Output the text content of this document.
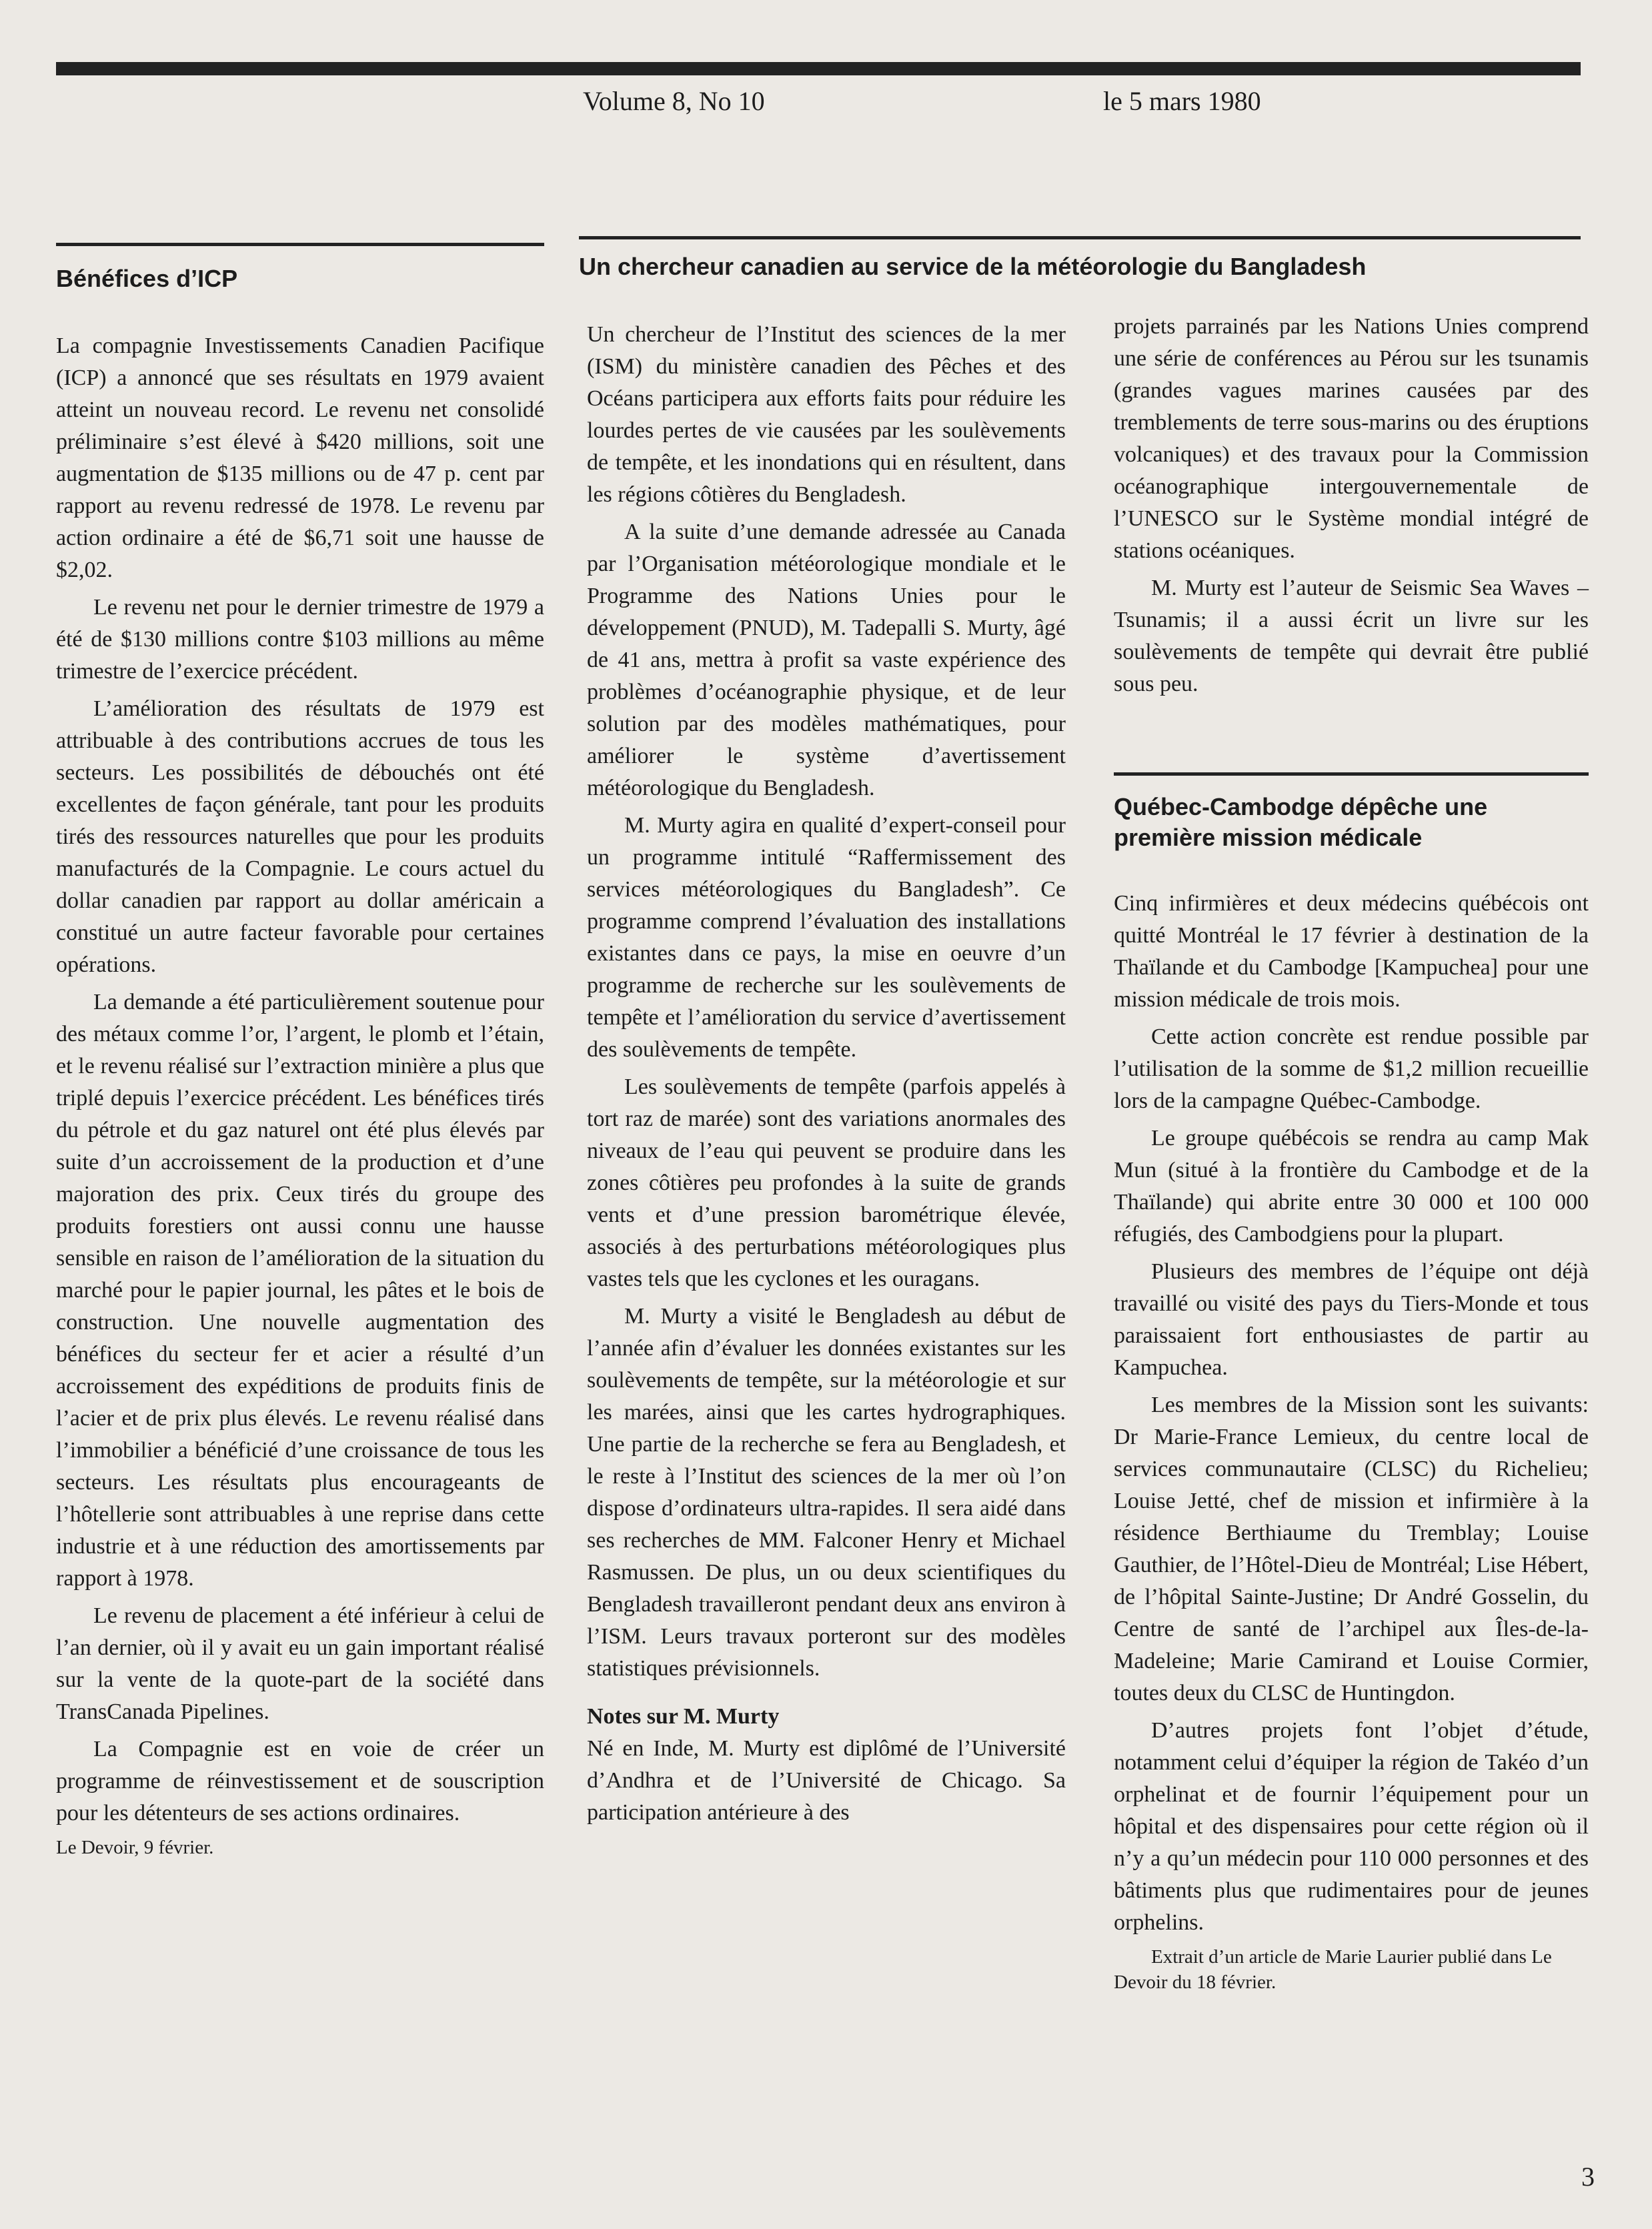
Volume 8, No 10	le 5 mars 1980
Bénéfices d’ICP

La compagnie Investissements Canadien Pacifique (ICP) a annoncé que ses résultats en 1979 avaient atteint un nouveau record. Le revenu net consolidé préliminaire s’est élevé à $420 millions, soit une augmentation de $135 millions ou de 47 p. cent par rapport au revenu redressé de 1978. Le revenu par action ordinaire a été de $6,71 soit une hausse de $2,02.

Le revenu net pour le dernier trimestre de 1979 a été de $130 millions contre $103 millions au même trimestre de l’exercice précédent.

L’amélioration des résultats de 1979 est attribuable à des contributions accrues de tous les secteurs. Les possibilités de débouchés ont été excellentes de façon générale, tant pour les produits tirés des ressources naturelles que pour les produits manufacturés de la Compagnie. Le cours actuel du dollar canadien par rapport au dollar américain a constitué un autre facteur favorable pour certaines opérations.

La demande a été particulièrement soutenue pour des métaux comme l’or, l’argent, le plomb et l’étain, et le revenu réalisé sur l’extraction minière a plus que triplé depuis l’exercice précédent. Les bénéfices tirés du pétrole et du gaz naturel ont été plus élevés par suite d’un accroissement de la production et d’une majoration des prix. Ceux tirés du groupe des produits forestiers ont aussi connu une hausse sensible en raison de l’amélioration de la situation du marché pour le papier journal, les pâtes et le bois de construction. Une nouvelle augmentation des bénéfices du secteur fer et acier a résulté d’un accroissement des expéditions de produits finis de l’acier et de prix plus élevés. Le revenu réalisé dans l’immobilier a bénéficié d’une croissance de tous les secteurs. Les résultats plus encourageants de l’hôtellerie sont attribuables à une reprise dans cette industrie et à une réduction des amortissements par rapport à 1978.

Le revenu de placement a été inférieur à celui de l’an dernier, où il y avait eu un gain important réalisé sur la vente de la quote-part de la société dans TransCanada Pipelines.

La Compagnie est en voie de créer un programme de réinvestissement et de souscription pour les détenteurs de ses actions ordinaires.

Le Devoir, 9 février.
Un chercheur canadien au service de la météorologie du Bangladesh

Un chercheur de l’Institut des sciences de la mer (ISM) du ministère canadien des Pêches et des Océans participera aux efforts faits pour réduire les lourdes pertes de vie causées par les soulèvements de tempête, et les inondations qui en résultent, dans les régions côtières du Bengladesh.

A la suite d’une demande adressée au Canada par l’Organisation météorologique mondiale et le Programme des Nations Unies pour le développement (PNUD), M. Tadepalli S. Murty, âgé de 41 ans, mettra à profit sa vaste expérience des problèmes d’océanographie physique, et de leur solution par des modèles mathématiques, pour améliorer le système d’avertissement météorologique du Bengladesh.

M. Murty agira en qualité d’expert-conseil pour un programme intitulé “Raffermissement des services météorologiques du Bangladesh”. Ce programme comprend l’évaluation des installations existantes dans ce pays, la mise en oeuvre d’un programme de recherche sur les soulèvements de tempête et l’amélioration du service d’avertissement des soulèvements de tempête.

Les soulèvements de tempête (parfois appelés à tort raz de marée) sont des variations anormales des niveaux de l’eau qui peuvent se produire dans les zones côtières peu profondes à la suite de grands vents et d’une pression barométrique élevée, associés à des perturbations météorologiques plus vastes tels que les cyclones et les ouragans.

M. Murty a visité le Bengladesh au début de l’année afin d’évaluer les données existantes sur les soulèvements de tempête, sur la météorologie et sur les marées, ainsi que les cartes hydrographiques. Une partie de la recherche se fera au Bengladesh, et le reste à l’Institut des sciences de la mer où l’on dispose d’ordinateurs ultra-rapides. Il sera aidé dans ses recherches de MM. Falconer Henry et Michael Rasmussen. De plus, un ou deux scientifiques du Bengladesh travailleront pendant deux ans environ à l’ISM. Leurs travaux porteront sur des modèles statistiques prévisionnels.

Notes sur M. Murty

Né en Inde, M. Murty est diplômé de l’Université d’Andhra et de l’Université de Chicago. Sa participation antérieure à des

projets parrainés par les Nations Unies comprend une série de conférences au Pérou sur les tsunamis (grandes vagues marines causées par des tremblements de terre sous-marins ou des éruptions volcaniques) et des travaux pour la Commission océanographique intergouvernementale de l’UNESCO sur le Système mondial intégré de stations océaniques.

M. Murty est l’auteur de Seismic Sea Waves – Tsunamis; il a aussi écrit un livre sur les soulèvements de tempête qui devrait être publié sous peu.

Québec-Cambodge dépêche une première mission médicale

Cinq infirmières et deux médecins québécois ont quitté Montréal le 17 février à destination de la Thaïlande et du Cambodge [Kampuchea] pour une mission médicale de trois mois.

Cette action concrète est rendue possible par l’utilisation de la somme de $1,2 million recueillie lors de la campagne Québec-Cambodge.

Le groupe québécois se rendra au camp Mak Mun (situé à la frontière du Cambodge et de la Thaïlande) qui abrite entre 30 000 et 100 000 réfugiés, des Cambodgiens pour la plupart.

Plusieurs des membres de l’équipe ont déjà travaillé ou visité des pays du Tiers-Monde et tous paraissaient fort enthousiastes de partir au Kampuchea.

Les membres de la Mission sont les suivants: Dr Marie-France Lemieux, du centre local de services communautaire (CLSC) du Richelieu; Louise Jetté, chef de mission et infirmière à la résidence Berthiaume du Tremblay; Louise Gauthier, de l’Hôtel-Dieu de Montréal; Lise Hébert, de l’hôpital Sainte-Justine; Dr André Gosselin, du Centre de santé de l’archipel aux Îles-de-la-Madeleine; Marie Camirand et Louise Cormier, toutes deux du CLSC de Huntingdon.

D’autres projets font l’objet d’étude, notamment celui d’équiper la région de Takéo d’un orphelinat et de fournir l’équipement pour un hôpital et des dispensaires pour cette région où il n’y a qu’un médecin pour 110 000 personnes et des bâtiments plus que rudimentaires pour de jeunes orphelins.

Extrait d’un article de Marie Laurier publié dans Le Devoir du 18 février.
3
